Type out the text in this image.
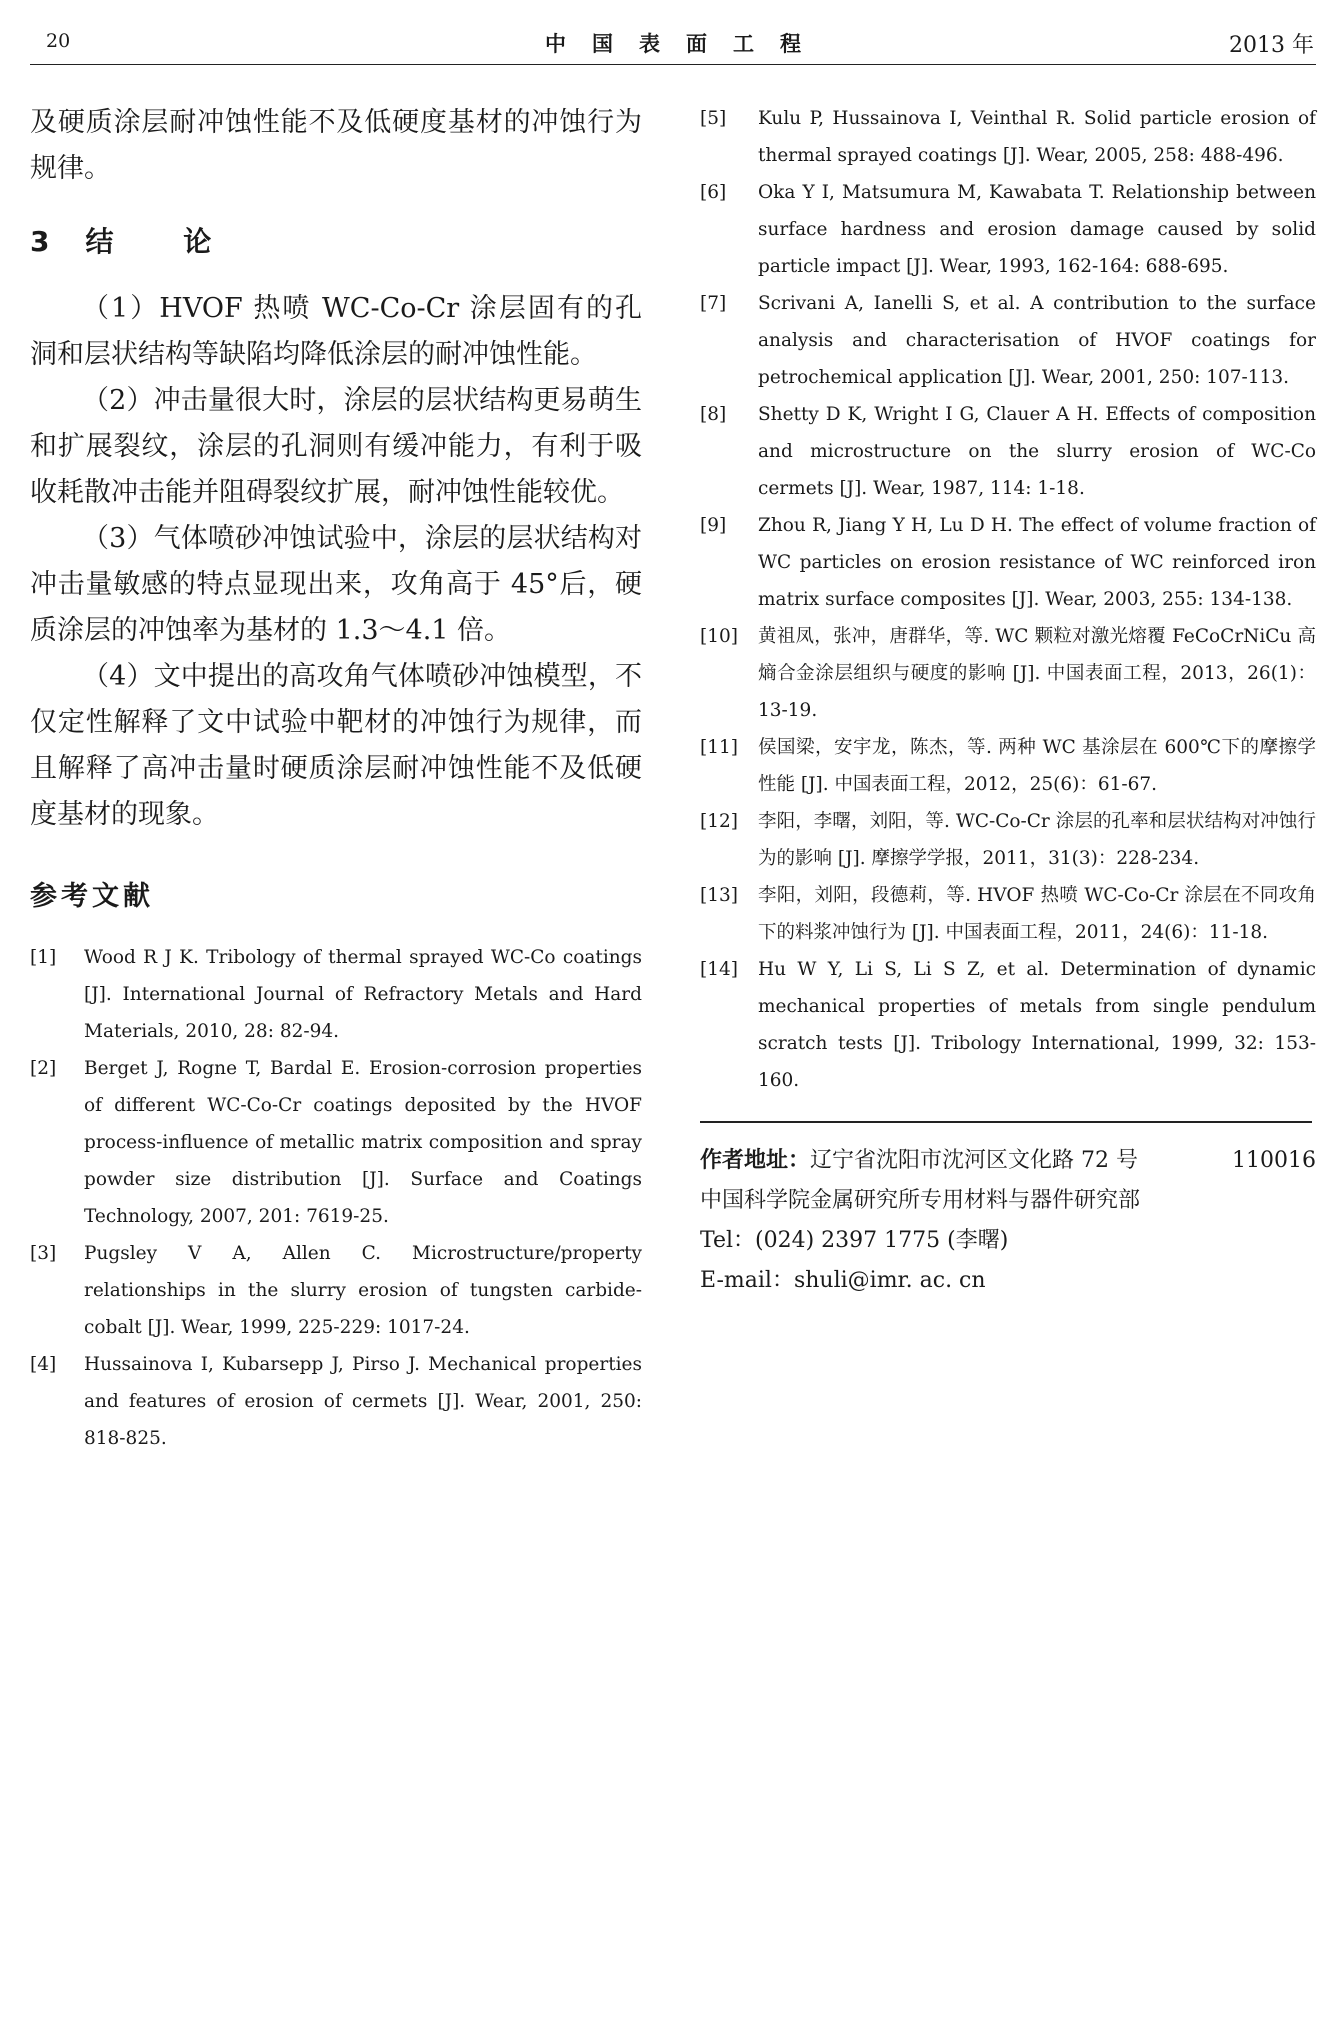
20	中国表面工程	2013 年

及硬质涂层耐冲蚀性能不及低硬度基材的冲蚀行为规律。

3 结 论

（1）HVOF 热喷 WC-Co-Cr 涂层固有的孔洞和层状结构等缺陷均降低涂层的耐冲蚀性能。

（2）冲击量很大时，涂层的层状结构更易萌生和扩展裂纹，涂层的孔洞则有缓冲能力，有利于吸收耗散冲击能并阻碍裂纹扩展，耐冲蚀性能较优。

（3）气体喷砂冲蚀试验中，涂层的层状结构对冲击量敏感的特点显现出来，攻角高于 45°后，硬质涂层的冲蚀率为基材的 1.3～4.1 倍。

（4）文中提出的高攻角气体喷砂冲蚀模型，不仅定性解释了文中试验中靶材的冲蚀行为规律，而且解释了高冲击量时硬质涂层耐冲蚀性能不及低硬度基材的现象。

参考文献

[1] Wood R J K. Tribology of thermal sprayed WC-Co coatings [J]. International Journal of Refractory Metals and Hard Materials, 2010, 28: 82-94.

[2] Berget J, Rogne T, Bardal E. Erosion-corrosion properties of different WC-Co-Cr coatings deposited by the HVOF process-influence of metallic matrix composition and spray powder size distribution [J]. Surface and Coatings Technology, 2007, 201: 7619-25.

[3] Pugsley V A, Allen C. Microstructure/property relationships in the slurry erosion of tungsten carbide-cobalt [J]. Wear, 1999, 225-229: 1017-24.

[4] Hussainova I, Kubarsepp J, Pirso J. Mechanical properties and features of erosion of cermets [J]. Wear, 2001, 250: 818-825.

[5] Kulu P, Hussainova I, Veinthal R. Solid particle erosion of thermal sprayed coatings [J]. Wear, 2005, 258: 488-496.

[6] Oka Y I, Matsumura M, Kawabata T. Relationship between surface hardness and erosion damage caused by solid particle impact [J]. Wear, 1993, 162-164: 688-695.

[7] Scrivani A, Ianelli S, et al. A contribution to the surface analysis and characterisation of HVOF coatings for petrochemical application [J]. Wear, 2001, 250: 107-113.

[8] Shetty D K, Wright I G, Clauer A H. Effects of composition and microstructure on the slurry erosion of WC-Co cermets [J]. Wear, 1987, 114: 1-18.

[9] Zhou R, Jiang Y H, Lu D H. The effect of volume fraction of WC particles on erosion resistance of WC reinforced iron matrix surface composites [J]. Wear, 2003, 255: 134-138.

[10] 黄祖凤，张冲，唐群华，等. WC 颗粒对激光熔覆 FeCoCrNiCu 高熵合金涂层组织与硬度的影响 [J]. 中国表面工程，2013，26(1)：13-19.

[11] 侯国梁，安宇龙，陈杰，等. 两种 WC 基涂层在 600℃下的摩擦学性能 [J]. 中国表面工程，2012，25(6)：61-67.

[12] 李阳，李曙，刘阳，等. WC-Co-Cr 涂层的孔率和层状结构对冲蚀行为的影响 [J]. 摩擦学学报，2011，31(3)：228-234.

[13] 李阳，刘阳，段德莉，等. HVOF 热喷 WC-Co-Cr 涂层在不同攻角下的料浆冲蚀行为 [J]. 中国表面工程，2011，24(6)：11-18.

[14] Hu W Y, Li S, Li S Z, et al. Determination of dynamic mechanical properties of metals from single pendulum scratch tests [J]. Tribology International, 1999, 32: 153-160.

作者地址：辽宁省沈阳市沈河区文化路 72 号	110016
中国科学院金属研究所专用材料与器件研究部
Tel：(024) 2397 1775 (李曙)
E-mail：shuli@imr. ac. cn
